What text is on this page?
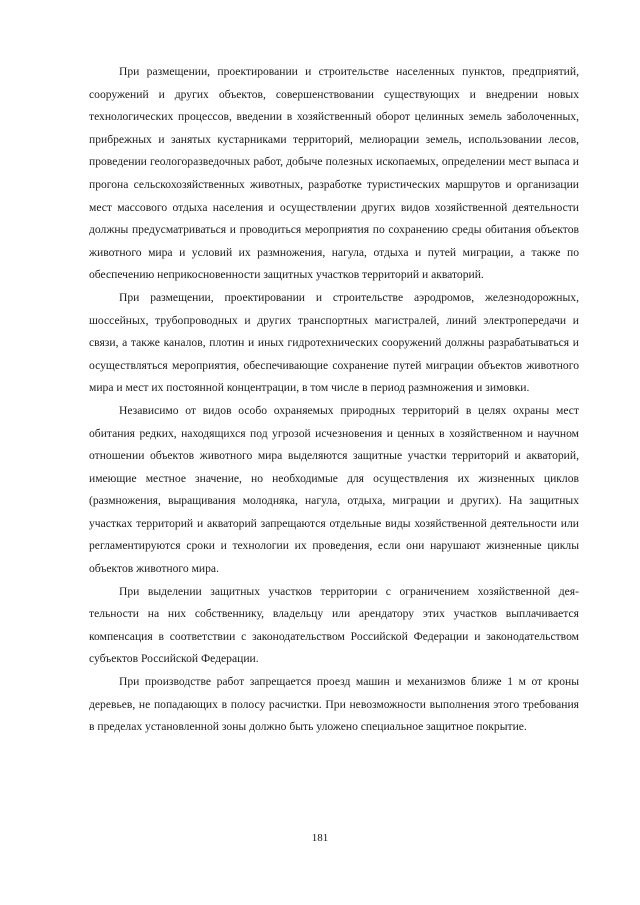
При размещении, проектировании и строительстве населенных пунктов, предприятий, сооружений и других объектов, совершенствовании существующих и внедрении новых технологических процессов, введении в хозяйственный оборот целинных земель заболоченных, прибрежных и занятых кустарниками территорий, мелиорации земель, использовании лесов, проведении геологоразведочных работ, добыче полезных ископаемых, определении мест выпаса и прогона сельскохозяйственных животных, разработке туристических маршрутов и организации мест массового отдыха населения и осуществлении других видов хозяйственной деятельности должны предусматриваться и проводиться мероприятия по сохранению среды обитания объектов животного мира и условий их размножения, нагула, отдыха и путей миграции, а также по обеспечению неприкосновенности защитных участков территорий и акваторий.

При размещении, проектировании и строительстве аэродромов, железнодорожных, шоссейных, трубопроводных и других транспортных магистралей, линий электропередачи и связи, а также каналов, плотин и иных гидротехнических сооружений должны разрабатываться и осуществляться мероприятия, обеспечивающие сохранение путей миграции объектов животного мира и мест их постоянной концентрации, в том числе в период размножения и зимовки.

Независимо от видов особо охраняемых природных территорий в целях охраны мест обитания редких, находящихся под угрозой исчезновения и ценных в хозяйственном и научном отношении объектов животного мира выделяются защитные участки территорий и акваторий, имеющие местное значение, но необходимые для осуществления их жизненных циклов (размножения, выращивания молодняка, нагула, отдыха, миграции и других). На защитных участках территорий и акваторий запрещаются отдельные виды хозяйственной деятельности или регламентируются сроки и технологии их проведения, если они нарушают жизненные циклы объектов животного мира.

При выделении защитных участков территории с ограничением хозяйственной деятельности на них собственнику, владельцу или арендатору этих участков выплачивается компенсация в соответствии с законодательством Российской Федерации и законодательством субъектов Российской Федерации.

При производстве работ запрещается проезд машин и механизмов ближе 1 м от кроны деревьев, не попадающих в полосу расчистки. При невозможности выполнения этого требования в пределах установленной зоны должно быть уложено специальное защитное покрытие.

181
